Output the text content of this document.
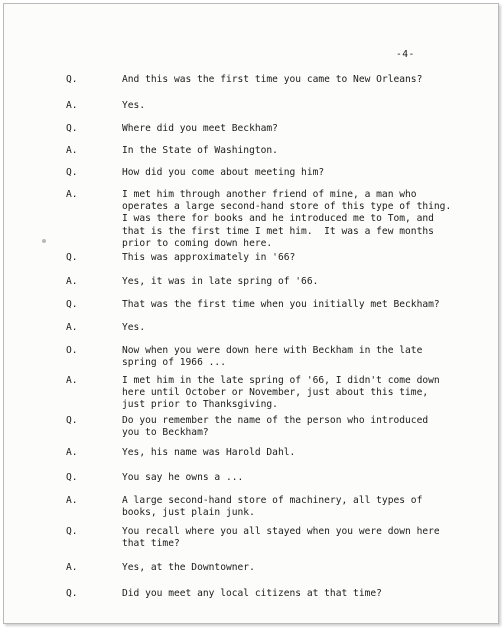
-4-
Q.	And this was the first time you came to New Orleans?
A.	Yes.
Q.	Where did you meet Beckham?
A.	In the State of Washington.
Q.	How did you come about meeting him?
A.	I met him through another friend of mine, a man who
operates a large second-hand store of this type of thing.
I was there for books and he introduced me to Tom, and
that is the first time I met him.  It was a few months
prior to coming down here.
Q.	This was approximately in '66?
A.	Yes, it was in late spring of '66.
Q.	That was the first time when you initially met Beckham?
A.	Yes.
O.	Now when you were down here with Beckham in the late
spring of 1966 ...
A.	I met him in the late spring of '66, I didn't come down
here until October or November, just about this time,
just prior to Thanksgiving.
Q.	Do you remember the name of the person who introduced
you to Beckham?
A.	Yes, his name was Harold Dahl.
Q.	You say he owns a ...
A.	A large second-hand store of machinery, all types of
books, just plain junk.
Q.	You recall where you all stayed when you were down here
that time?
A.	Yes, at the Downtowner.
Q.	Did you meet any local citizens at that time?
